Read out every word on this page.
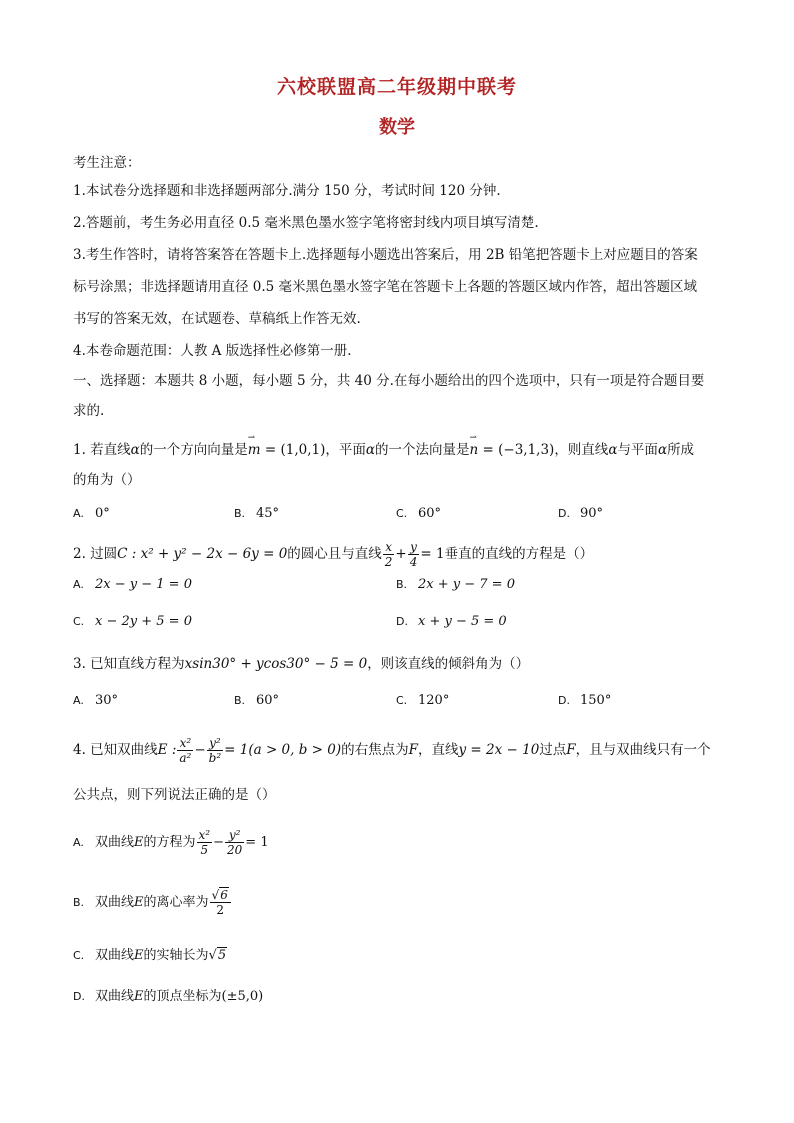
六校联盟高二年级期中联考
数学
考生注意：
1.本试卷分选择题和非选择题两部分.满分 150 分，考试时间 120 分钟.
2.答题前，考生务必用直径 0.5 毫米黑色墨水签字笔将密封线内项目填写清楚.
3.考生作答时，请将答案答在答题卡上.选择题每小题选出答案后，用 2B 铅笔把答题卡上对应题目的答案
标号涂黑；非选择题请用直径 0.5 毫米黑色墨水签字笔在答题卡上各题的答题区域内作答，超出答题区域
书写的答案无效，在试题卷、草稿纸上作答无效.
4.本卷命题范围：人教 A 版选择性必修第一册.
一、选择题：本题共 8 小题，每小题 5 分，共 40 分.在每小题给出的四个选项中，只有一项是符合题目要
求的.
1. 若直线α的一个方向向量是⇀ m = (1,0,1)，平面α的一个法向量是⇀ n = (−3,1,3)，则直线α与平面α所成
的角为（）
A. 0°	B. 45°	C. 60°	D. 90°
2. 过圆C : x² + y² − 2x − 6y = 0的圆心且与直线 $\frac{x}{2} + \frac{y}{4} = 1$垂直的直线的方程是（）
A. 2x − y − 1 = 0	B. 2x + y − 7 = 0
C. x − 2y + 5 = 0	D. x + y − 5 = 0
3. 已知直线方程为xsin30° + ycos30° − 5 = 0，则该直线的倾斜角为（）
A. 30°	B. 60°	C. 120°	D. 150°
4. 已知双曲线E : $\frac{\text{x²}}{\text{a²}} - \frac{\text{y²}}{\text{b²}} = 1(a > 0$, b > 0)的右焦点为F，直线y = 2x − 10过点F，且与双曲线只有一个
公共点，则下列说法正确的是（）
A. 双曲线E的方程为 $\frac{\text{x²}}{5} - \frac{\text{y²}}{20} = 1$
B. 双曲线E的离心率为 $\frac{√6}{2}$
C. 双曲线E的实轴长为√5
D. 双曲线E的顶点坐标为(±5,0)
